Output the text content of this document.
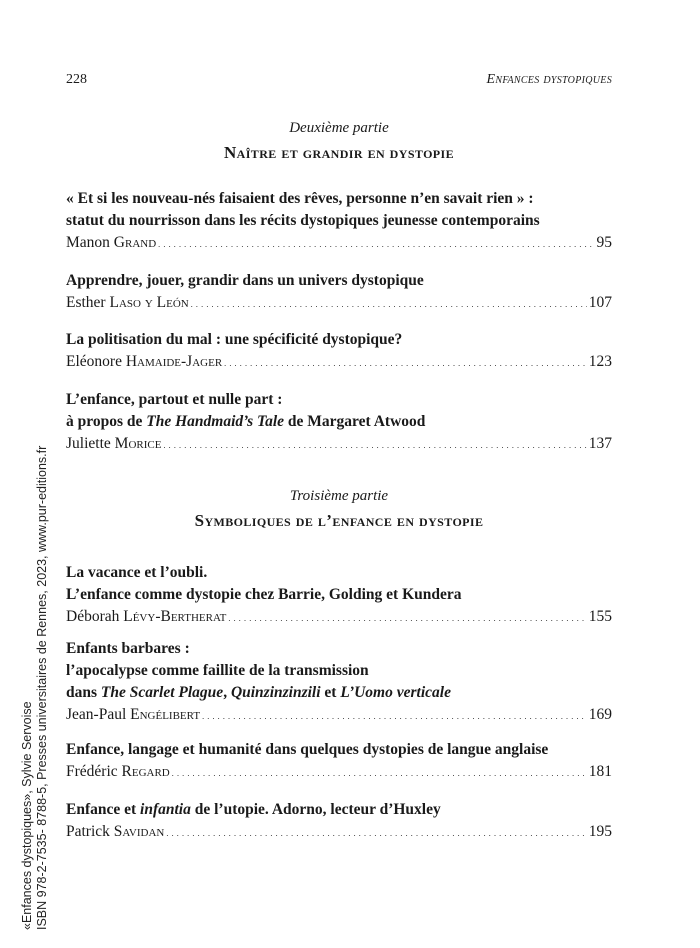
228	Enfances dystopiques
Deuxième partie
Naître et grandir en dystopie
« Et si les nouveau-nés faisaient des rêves, personne n’en savait rien » :
statut du nourrisson dans les récits dystopiques jeunesse contemporains
Manon Grand . . .	95
Apprendre, jouer, grandir dans un univers dystopique
Esther Laso y León . . .	107
La politisation du mal : une spécificité dystopique?
Eléonore Hamaide-Jager . . .	123
L’enfance, partout et nulle part :
à propos de The Handmaid’s Tale de Margaret Atwood
Juliette Morice . . .	137
Troisième partie
Symboliques de l’enfance en dystopie
La vacance et l’oubli.
L’enfance comme dystopie chez Barrie, Golding et Kundera
Déborah Lévy-Bertherat . . .	155
Enfants barbares :
l’apocalypse comme faillite de la transmission
dans The Scarlet Plague, Quinzinzinzili et L’Uomo verticale
Jean-Paul Engélibert . . .	169
Enfance, langage et humanité dans quelques dystopies de langue anglaise
Frédéric Regard . . .	181
Enfance et infantia de l’utopie. Adorno, lecteur d’Huxley
Patrick Savidan . . .	195
«Enfances dystopiques», Sylvie Servoise ISBN 978-2-7535- 8788-5, Presses universitaires de Rennes, 2023, www.pur-editions.fr
